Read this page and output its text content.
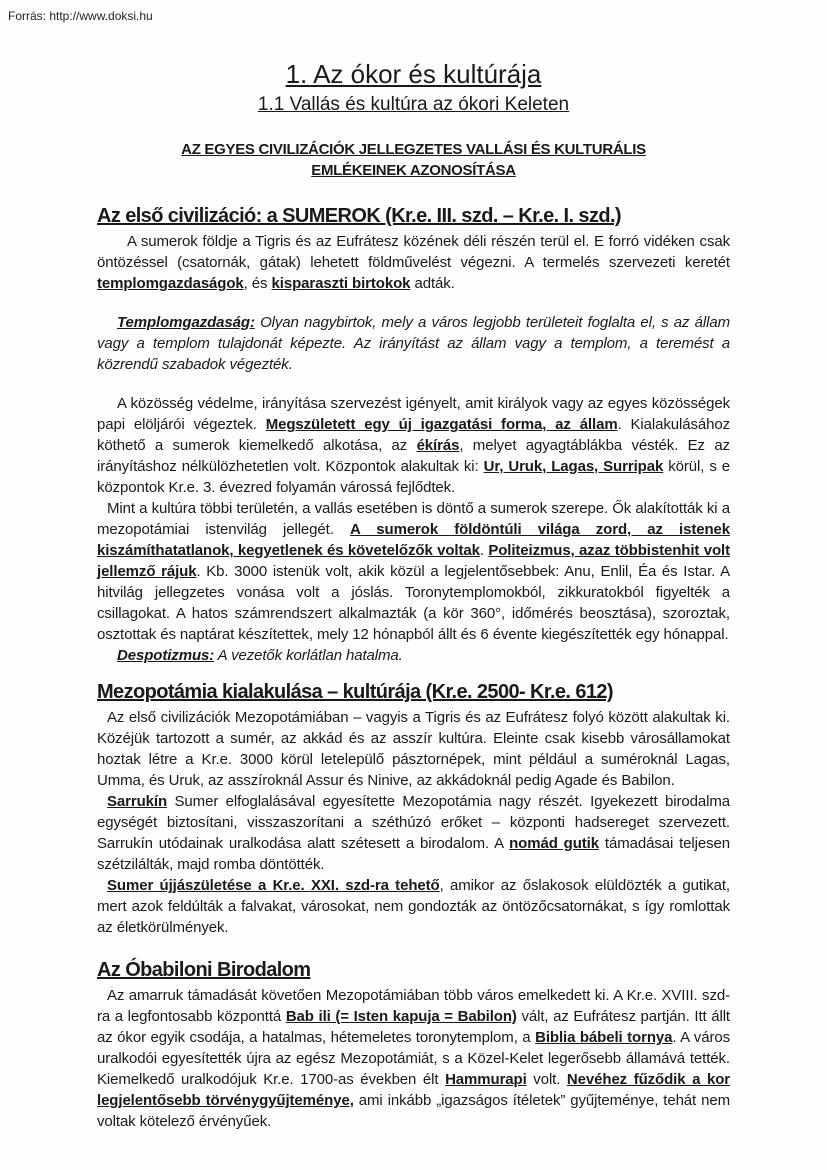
Forrás: http://www.doksi.hu
1. Az ókor és kultúrája
1.1 Vallás és kultúra az ókori Keleten
AZ EGYES CIVILIZÁCIÓK JELLEGZETES VALLÁSI ÉS KULTURÁLIS EMLÉKEINEK AZONOSÍTÁSA
Az első civilizáció: a SUMEROK (Kr.e. III. szd. – Kr.e. I. szd.)

A sumerok földje a Tigris és az Eufrátesz közének déli részén terül el. E forró vidéken csak öntözéssel (csatornák, gátak) lehetett földművelést végezni. A termelés szervezeti keretét templomgazdaságok, és kisparaszti birtokok adták.

Templomgazdaság: Olyan nagybirtok, mely a város legjobb területeit foglalta el, s az állam vagy a templom tulajdonát képezte. Az irányítást az állam vagy a templom, a teremést a közrendű szabadok végezték.

A közösség védelme, irányítása szervezést igényelt, amit királyok vagy az egyes közösségek papi elöljárói végeztek. Megszületett egy új igazgatási forma, az állam. Kialakulásához köthető a sumerok kiemelkedő alkotása, az ékírás, melyet agyagtáblákba vésték. Ez az irányításhoz nélkülözhetetlen volt. Központok alakultak ki: Ur, Uruk, Lagas, Surripak körül, s e központok Kr.e. 3. évezred folyamán várossá fejlődtek.

Mint a kultúra többi területén, a vallás esetében is döntő a sumerok szerepe. Ők alakították ki a mezopotámiai istenvilág jellegét. A sumerok földöntúli világa zord, az istenek kiszámíthatatlanok, kegyetlenek és követelőzők voltak. Politeizmus, azaz többistenhit volt jellemző rájuk. Kb. 3000 istenük volt, akik közül a legjelentősebbek: Anu, Enlil, Éa és Istar. A hitvilág jellegzetes vonása volt a jóslás. Toronytemplomokból, zikkuratokból figyelték a csillagokat. A hatos számrendszert alkalmazták (a kör 360°, időmérés beosztása), szoroztak, osztottak és naptárat készítettek, mely 12 hónapból állt és 6 évente kiegészítették egy hónappal.

Despotizmus: A vezetők korlátlan hatalma.

Mezopotámia kialakulása – kultúrája (Kr.e. 2500- Kr.e. 612)

Az első civilizációk Mezopotámiában – vagyis a Tigris és az Eufrátesz folyó között alakultak ki. Közéjük tartozott a sumér, az akkád és az asszír kultúra. Eleinte csak kisebb városállamokat hoztak létre a Kr.e. 3000 körül letelepülő pásztornépek, mint például a suméroknál Lagas, Umma, és Uruk, az asszíroknál Assur és Ninive, az akkádoknál pedig Agade és Babilon.

Sarrukín Sumer elfoglalásával egyesítette Mezopotámia nagy részét. Igyekezett birodalma egységét biztosítani, visszaszorítani a széthúzó erőket – központi hadsereget szervezett. Sarrukín utódainak uralkodása alatt szétesett a birodalom. A nomád gutik támadásai teljesen szétzilálták, majd romba döntötték.

Sumer újjászületése a Kr.e. XXI. szd-ra tehető, amikor az őslakosok elüldözték a gutikat, mert azok feldúlták a falvakat, városokat, nem gondozták az öntözőcsatornákat, s így romlottak az életkörülmények.

Az Óbabiloni Birodalom

Az amarruk támadását követően Mezopotámiában több város emelkedett ki. A Kr.e. XVIII. szd-ra a legfontosabb központtá Bab ili (= Isten kapuja = Babilon) vált, az Eufrátesz partján. Itt állt az ókor egyik csodája, a hatalmas, hétemeletes toronytemplom, a Biblia bábeli tornya. A város uralkodói egyesítették újra az egész Mezopotámiát, s a Közel-Kelet legerősebb államává tették. Kiemelkedő uralkodójuk Kr.e. 1700-as években élt Hammurapi volt. Nevéhez fűződik a kor legjelentősebb törvénygyűjteménye, ami inkább „igazságos ítéletek” gyűjteménye, tehát nem voltak kötelező érvényűek.
